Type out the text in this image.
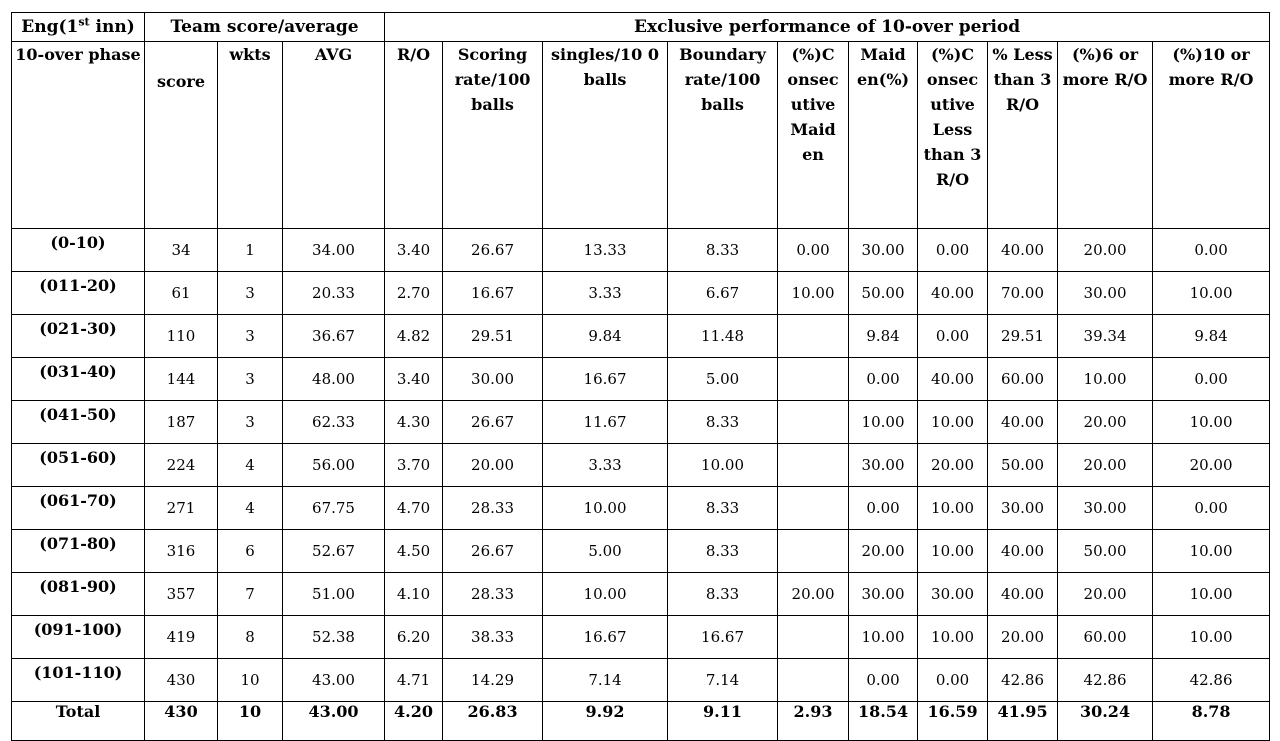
Eng(1st inn)	Team score/average			Exclusive performance of 10-over period									
10-over phase	score	wkts	AVG	R/O	Scoring rate/100 balls	singles/10 0 balls	Boundary rate/100 balls	(%)C onsec utive Maid en	Maid en(%)	(%)C onsec utive Less than 3 R/O	% Less than 3 R/O	(%)6 or more R/O	(%)10 or more R/O
(0-10)	34	1	34.00	3.40	26.67	13.33	8.33	0.00	30.00	0.00	40.00	20.00	0.00
(011-20)	61	3	20.33	2.70	16.67	3.33	6.67	10.00	50.00	40.00	70.00	30.00	10.00
(021-30)	110	3	36.67	4.82	29.51	9.84	11.48		9.84	0.00	29.51	39.34	9.84
(031-40)	144	3	48.00	3.40	30.00	16.67	5.00		0.00	40.00	60.00	10.00	0.00
(041-50)	187	3	62.33	4.30	26.67	11.67	8.33		10.00	10.00	40.00	20.00	10.00
(051-60)	224	4	56.00	3.70	20.00	3.33	10.00		30.00	20.00	50.00	20.00	20.00
(061-70)	271	4	67.75	4.70	28.33	10.00	8.33		0.00	10.00	30.00	30.00	0.00
(071-80)	316	6	52.67	4.50	26.67	5.00	8.33		20.00	10.00	40.00	50.00	10.00
(081-90)	357	7	51.00	4.10	28.33	10.00	8.33	20.00	30.00	30.00	40.00	20.00	10.00
(091-100)	419	8	52.38	6.20	38.33	16.67	16.67		10.00	10.00	20.00	60.00	10.00
(101-110)	430	10	43.00	4.71	14.29	7.14	7.14		0.00	0.00	42.86	42.86	42.86
Total	430	10	43.00	4.20	26.83	9.92	9.11	2.93	18.54	16.59	41.95	30.24	8.78
